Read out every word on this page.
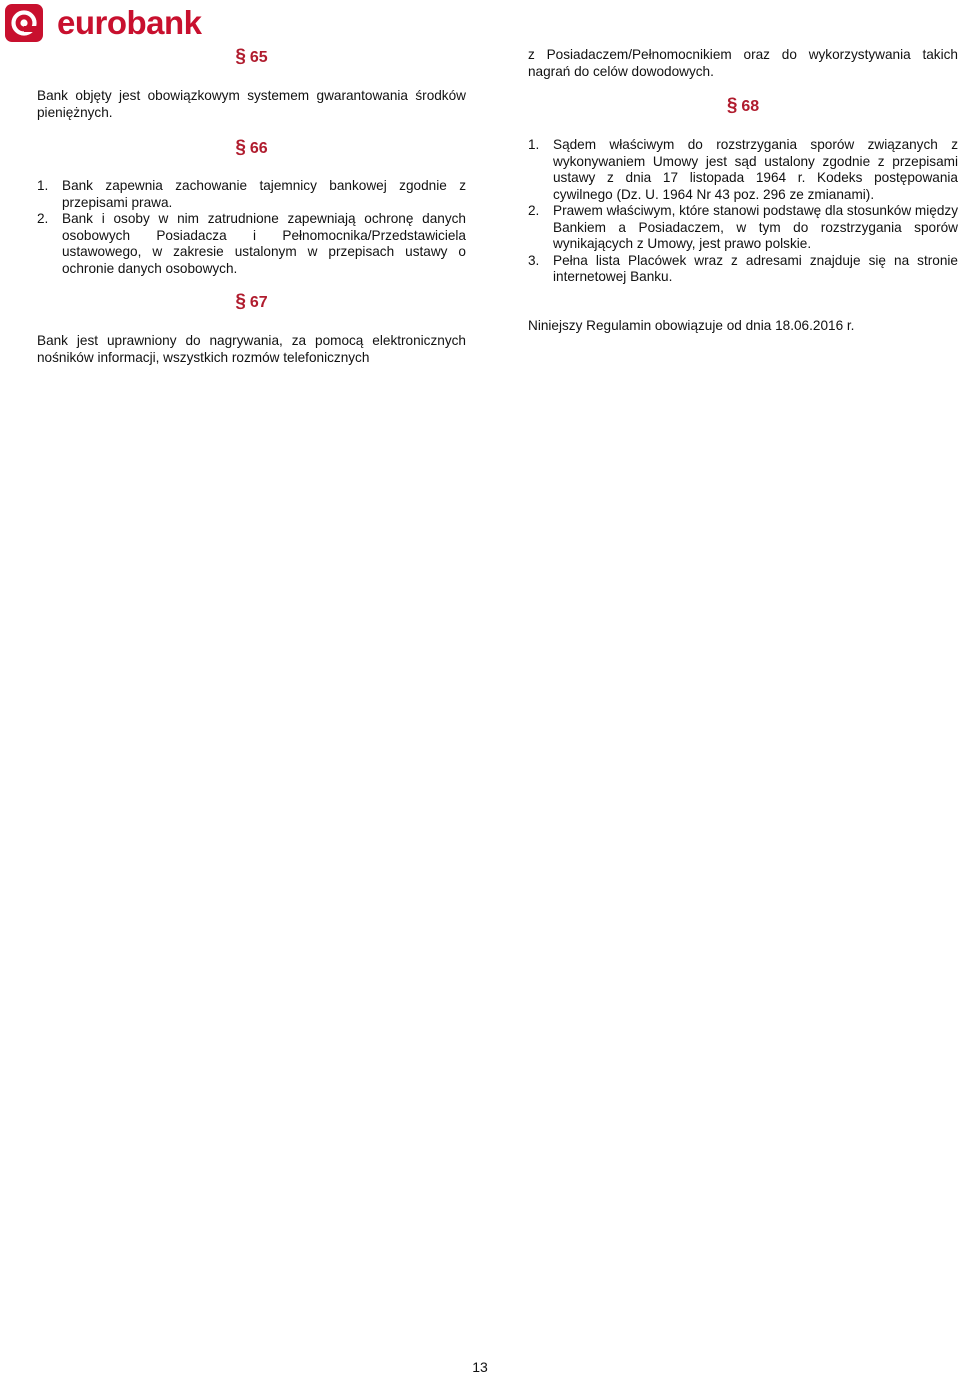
eurobank
§ 65

Bank objęty jest obowiązkowym systemem gwarantowania środków pieniężnych.

§ 66
1. Bank zapewnia zachowanie tajemnicy bankowej zgodnie z przepisami prawa.
2. Bank i osoby w nim zatrudnione zapewniają ochronę danych osobowych Posiadacza i Pełnomocnika/Przedstawiciela ustawowego, w zakresie ustalonym w przepisach ustawy o ochronie danych osobowych.
§ 67

Bank jest uprawniony do nagrywania, za pomocą elektronicznych nośników informacji, wszystkich rozmów telefonicznych

z Posiadaczem/Pełnomocnikiem oraz do wykorzystywania takich nagrań do celów dowodowych.

§ 68
1. Sądem właściwym do rozstrzygania sporów związanych z wykonywaniem Umowy jest sąd ustalony zgodnie z przepisami ustawy z dnia 17 listopada 1964 r. Kodeks postępowania cywilnego (Dz. U. 1964 Nr 43 poz. 296 ze zmianami).
2. Prawem właściwym, które stanowi podstawę dla stosunków między Bankiem a Posiadaczem, w tym do rozstrzygania sporów wynikających z Umowy, jest prawo polskie.
3. Pełna lista Placówek wraz z adresami znajduje się na stronie internetowej Banku.

Niniejszy Regulamin obowiązuje od dnia 18.06.2016 r.

13
